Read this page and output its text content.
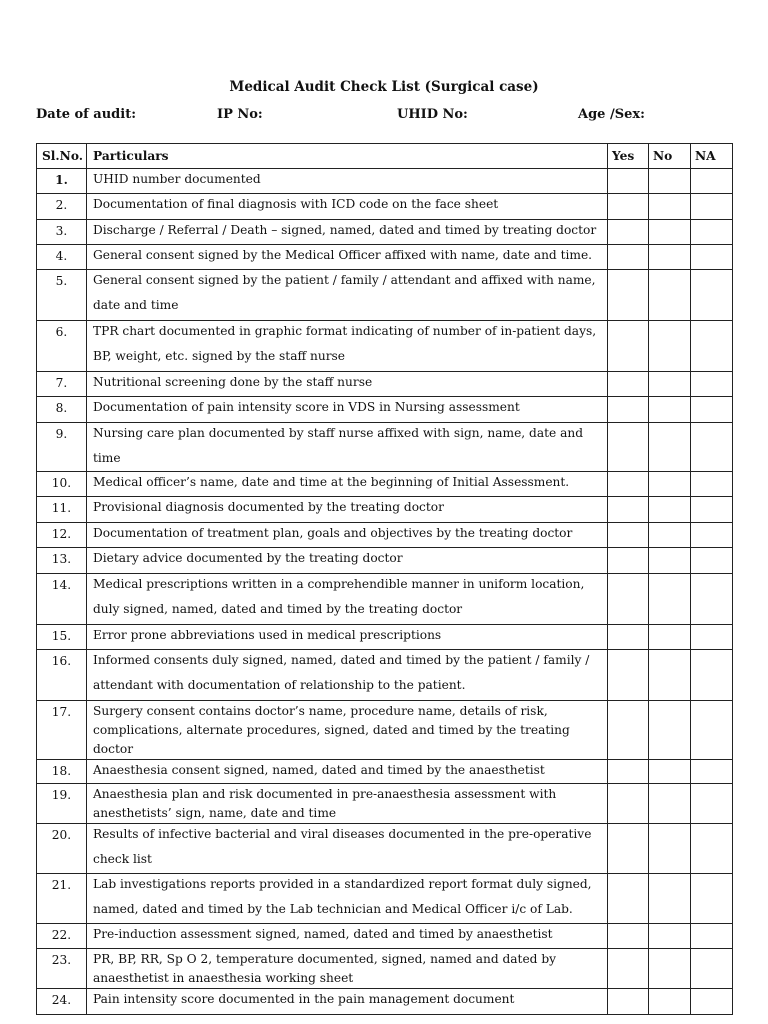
Medical Audit Check List (Surgical case)
Date of audit:	IP No:	UHID No:	Age /Sex:
Sl.No.	Particulars	Yes	No	NA
1.	UHID number documented			

2.	Documentation of final diagnosis with ICD code on the face sheet			

3.	Discharge / Referral / Death – signed, named, dated and timed by treating doctor			

4.	General consent signed by the Medical Officer affixed with name, date and time.			

5.	General consent signed by the patient / family / attendant and affixed with name, date and time			

6.	TPR chart documented in graphic format indicating of number of in-patient days, BP, weight, etc. signed by the staff nurse			

7.	Nutritional screening done by the staff nurse			

8.	Documentation of pain intensity score in VDS in Nursing assessment			

9.	Nursing care plan documented by staff nurse affixed with sign, name, date and time			

10.	Medical officer’s name, date and time at the beginning of Initial Assessment.			

11.	Provisional diagnosis documented by the treating doctor			

12.	Documentation of treatment plan, goals and objectives by the treating doctor			

13.	Dietary advice documented by the treating doctor			

14.	Medical prescriptions written in a comprehendible manner in uniform location, duly signed, named, dated and timed by the treating doctor			

15.	Error prone abbreviations used in medical prescriptions			

16.	Informed consents duly signed, named, dated and timed by the patient / family / attendant with documentation of relationship to the patient.			

17.	Surgery consent contains doctor’s name, procedure name, details of risk, complications, alternate procedures, signed, dated and timed by the treating doctor			

18.	Anaesthesia consent signed, named, dated and timed by the anaesthetist			

19.	Anaesthesia plan and risk documented in pre-anaesthesia assessment with anesthetists’ sign, name, date and time			

20.	Results of infective bacterial and viral diseases documented in the pre-operative check list			

21.	Lab investigations reports provided in a standardized report format duly signed, named, dated and timed by the Lab technician and Medical Officer i/c of Lab.			

22.	Pre-induction assessment signed, named, dated and timed by anaesthetist			

23.	PR, BP, RR, Sp O 2, temperature documented, signed, named and dated by anaesthetist in anaesthesia working sheet			

24.	Pain intensity score documented in the pain management document			
